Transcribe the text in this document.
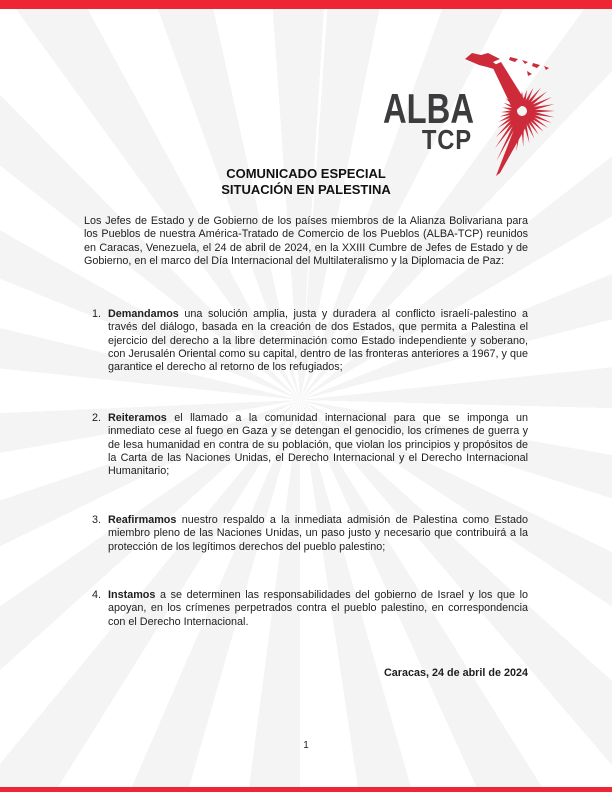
ALBA
TCP
COMUNICADO ESPECIAL
SITUACIÓN EN PALESTINA

Los Jefes de Estado y de Gobierno de los países miembros de la Alianza Bolivariana para los Pueblos de nuestra América-Tratado de Comercio de los Pueblos (ALBA-TCP) reunidos en Caracas, Venezuela, el 24 de abril de 2024, en la XXIII Cumbre de Jefes de Estado y de Gobierno, en el marco del Día Internacional del Multilateralismo y la Diplomacia de Paz:

1. Demandamos una solución amplia, justa y duradera al conflicto israelí-palestino a través del diálogo, basada en la creación de dos Estados, que permita a Palestina el ejercicio del derecho a la libre determinación como Estado independiente y soberano, con Jerusalén Oriental como su capital, dentro de las fronteras anteriores a 1967, y que garantice el derecho al retorno de los refugiados;
2. Reiteramos el llamado a la comunidad internacional para que se imponga un inmediato cese al fuego en Gaza y se detengan el genocidio, los crímenes de guerra y de lesa humanidad en contra de su población, que violan los principios y propósitos de la Carta de las Naciones Unidas, el Derecho Internacional y el Derecho Internacional Humanitario;
3. Reafirmamos nuestro respaldo a la inmediata admisión de Palestina como Estado miembro pleno de las Naciones Unidas, un paso justo y necesario que contribuirá a la protección de los legítimos derechos del pueblo palestino;
4. Instamos a se determinen las responsabilidades del gobierno de Israel y los que lo apoyan, en los crímenes perpetrados contra el pueblo palestino, en correspondencia con el Derecho Internacional.
Caracas, 24 de abril de 2024
1
